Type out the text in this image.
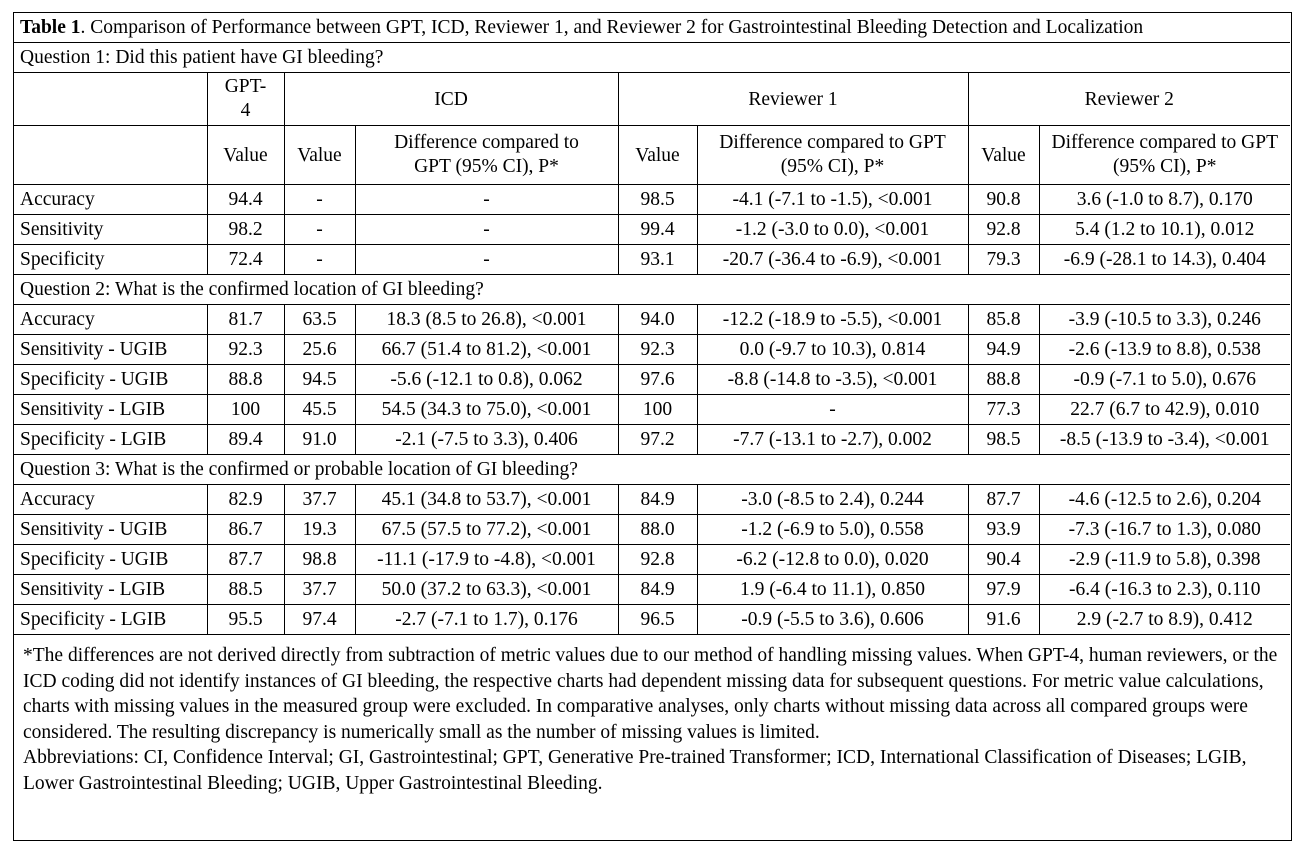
Table 1. Comparison of Performance between GPT, ICD, Reviewer 1, and Reviewer 2 for Gastrointestinal Bleeding Detection and Localization							
Question 1: Did this patient have GI bleeding?							
	GPT-4	ICD		Reviewer 1		Reviewer 2	
	Value	Value	Difference compared to GPT (95% CI), P*	Value	Difference compared to GPT (95% CI), P*	Value	Difference compared to GPT (95% CI), P*
Accuracy	94.4	-	-	98.5	-4.1 (-7.1 to -1.5), <0.001	90.8	3.6 (-1.0 to 8.7), 0.170
Sensitivity	98.2	-	-	99.4	-1.2 (-3.0 to 0.0), <0.001	92.8	5.4 (1.2 to 10.1), 0.012
Specificity	72.4	-	-	93.1	-20.7 (-36.4 to -6.9), <0.001	79.3	-6.9 (-28.1 to 14.3), 0.404
Question 2: What is the confirmed location of GI bleeding?							
Accuracy	81.7	63.5	18.3 (8.5 to 26.8), <0.001	94.0	-12.2 (-18.9 to -5.5), <0.001	85.8	-3.9 (-10.5 to 3.3), 0.246
Sensitivity - UGIB	92.3	25.6	66.7 (51.4 to 81.2), <0.001	92.3	0.0 (-9.7 to 10.3), 0.814	94.9	-2.6 (-13.9 to 8.8), 0.538
Specificity - UGIB	88.8	94.5	-5.6 (-12.1 to 0.8), 0.062	97.6	-8.8 (-14.8 to -3.5), <0.001	88.8	-0.9 (-7.1 to 5.0), 0.676
Sensitivity - LGIB	100	45.5	54.5 (34.3 to 75.0), <0.001	100	-	77.3	22.7 (6.7 to 42.9), 0.010
Specificity - LGIB	89.4	91.0	-2.1 (-7.5 to 3.3), 0.406	97.2	-7.7 (-13.1 to -2.7), 0.002	98.5	-8.5 (-13.9 to -3.4), <0.001
Question 3: What is the confirmed or probable location of GI bleeding?							
Accuracy	82.9	37.7	45.1 (34.8 to 53.7), <0.001	84.9	-3.0 (-8.5 to 2.4), 0.244	87.7	-4.6 (-12.5 to 2.6), 0.204
Sensitivity - UGIB	86.7	19.3	67.5 (57.5 to 77.2), <0.001	88.0	-1.2 (-6.9 to 5.0), 0.558	93.9	-7.3 (-16.7 to 1.3), 0.080
Specificity - UGIB	87.7	98.8	-11.1 (-17.9 to -4.8), <0.001	92.8	-6.2 (-12.8 to 0.0), 0.020	90.4	-2.9 (-11.9 to 5.8), 0.398
Sensitivity - LGIB	88.5	37.7	50.0 (37.2 to 63.3), <0.001	84.9	1.9 (-6.4 to 11.1), 0.850	97.9	-6.4 (-16.3 to 2.3), 0.110
Specificity - LGIB	95.5	97.4	-2.7 (-7.1 to 1.7), 0.176	96.5	-0.9 (-5.5 to 3.6), 0.606	91.6	2.9 (-2.7 to 8.9), 0.412

*The differences are not derived directly from subtraction of metric values due to our method of handling missing values. When GPT-4, human reviewers, or the ICD coding did not identify instances of GI bleeding, the respective charts had dependent missing data for subsequent questions. For metric value calculations, charts with missing values in the measured group were excluded. In comparative analyses, only charts without missing data across all compared groups were considered. The resulting discrepancy is numerically small as the number of missing values is limited.

Abbreviations: CI, Confidence Interval; GI, Gastrointestinal; GPT, Generative Pre-trained Transformer; ICD, International Classification of Diseases; LGIB, Lower Gastrointestinal Bleeding; UGIB, Upper Gastrointestinal Bleeding.
